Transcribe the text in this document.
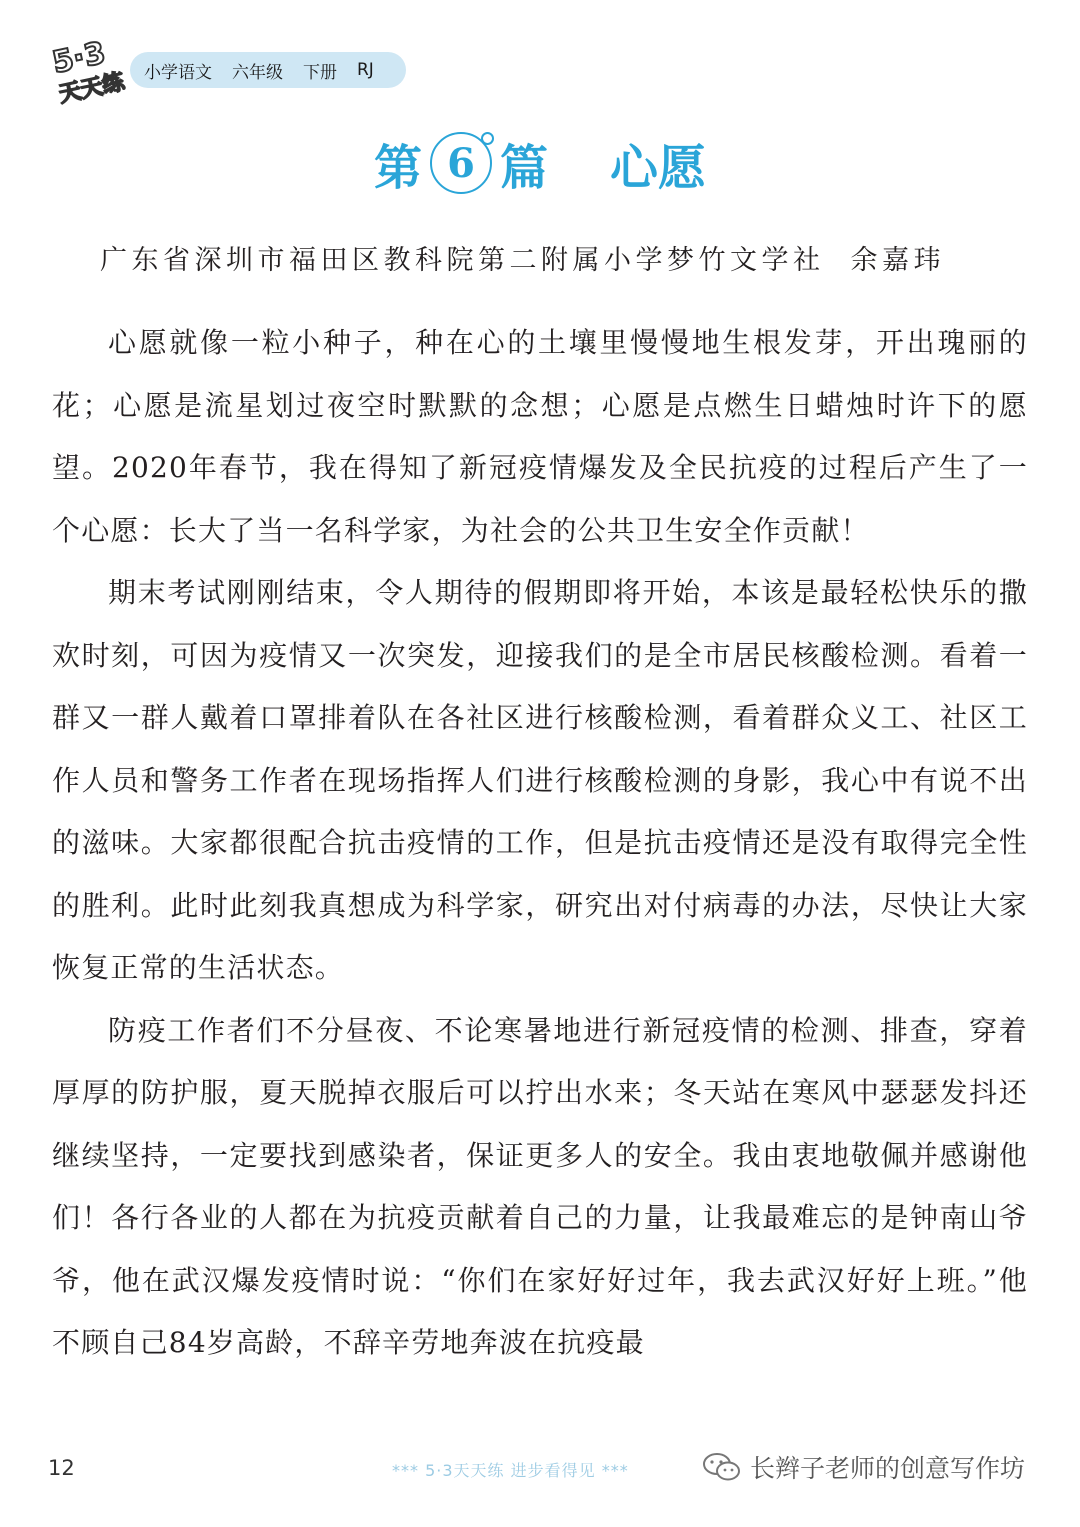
5·3
天天练 小学语文 六年级 下册 RJ
第 6 篇 心愿
广东省深圳市福田区教科院第二附属小学梦竹文学社 余嘉玮

心愿就像一粒小种子，种在心的土壤里慢慢地生根发芽，开出瑰丽的花；心愿是流星划过夜空时默默的念想；心愿是点燃生日蜡烛时许下的愿望。2020年春节，我在得知了新冠疫情爆发及全民抗疫的过程后产生了一个心愿：长大了当一名科学家，为社会的公共卫生安全作贡献！

期末考试刚刚结束，令人期待的假期即将开始，本该是最轻松快乐的撒欢时刻，可因为疫情又一次突发，迎接我们的是全市居民核酸检测。看着一群又一群人戴着口罩排着队在各社区进行核酸检测，看着群众义工、社区工作人员和警务工作者在现场指挥人们进行核酸检测的身影，我心中有说不出的滋味。大家都很配合抗击疫情的工作，但是抗击疫情还是没有取得完全性的胜利。此时此刻我真想成为科学家，研究出对付病毒的办法，尽快让大家恢复正常的生活状态。

防疫工作者们不分昼夜、不论寒暑地进行新冠疫情的检测、排查，穿着厚厚的防护服，夏天脱掉衣服后可以拧出水来；冬天站在寒风中瑟瑟发抖还继续坚持，一定要找到感染者，保证更多人的安全。我由衷地敬佩并感谢他们！各行各业的人都在为抗疫贡献着自己的力量，让我最难忘的是钟南山爷爷，他在武汉爆发疫情时说：“你们在家好好过年，我去武汉好好上班。”他不顾自己84岁高龄，不辞辛劳地奔波在抗疫最

12	*** 5·3天天练 进步看得见 ***	长辫子老师的创意写作坊
